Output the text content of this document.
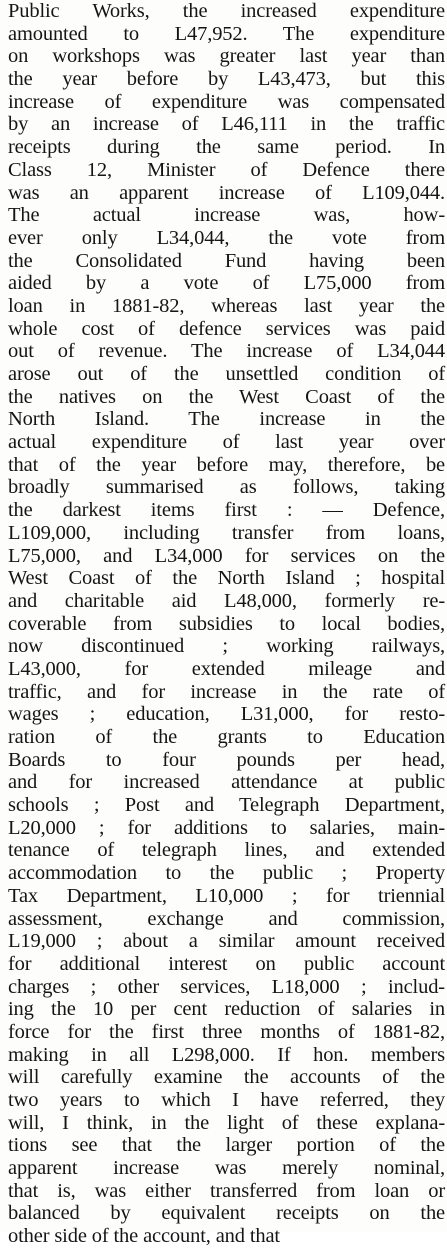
Public Works, the increased expenditure
amounted to L47,952. The expenditure
on workshops was greater last year than
the year before by L43,473, but this
increase of expenditure was compensated
by an increase of L46,111 in the traffic
receipts during the same period. In
Class 12, Minister of Defence there
was an apparent increase of L109,044.
The actual increase was, how-
ever only L34,044, the vote from
the Consolidated Fund having been
aided by a vote of L75,000 from
loan in 1881-82, whereas last year the
whole cost of defence services was paid
out of revenue. The increase of L34,044
arose out of the unsettled condition of
the natives on the West Coast of the
North Island. The increase in the
actual expenditure of last year over
that of the year before may, therefore, be
broadly summarised as follows, taking
the darkest items first : — Defence,
L109,000, including transfer from loans,
L75,000, and L34,000 for services on the
West Coast of the North Island ; hospital
and charitable aid L48,000, formerly re-
coverable from subsidies to local bodies,
now discontinued ; working railways,
L43,000, for extended mileage and
traffic, and for increase in the rate of
wages ; education, L31,000, for resto-
ration of the grants to Education
Boards to four pounds per head,
and for increased attendance at public
schools ; Post and Telegraph Department,
L20,000 ; for additions to salaries, main-
tenance of telegraph lines, and extended
accommodation to the public ; Property
Tax Department, L10,000 ; for triennial
assessment, exchange and commission,
L19,000 ; about a similar amount received
for additional interest on public account
charges ; other services, L18,000 ; includ-
ing the 10 per cent reduction of salaries in
force for the first three months of 1881-82,
making in all L298,000. If hon. members
will carefully examine the accounts of the
two years to which I have referred, they
will, I think, in the light of these explana-
tions see that the larger portion of the
apparent increase was merely nominal,
that is, was either transferred from loan or
balanced by equivalent receipts on the
other side of the account, and that
